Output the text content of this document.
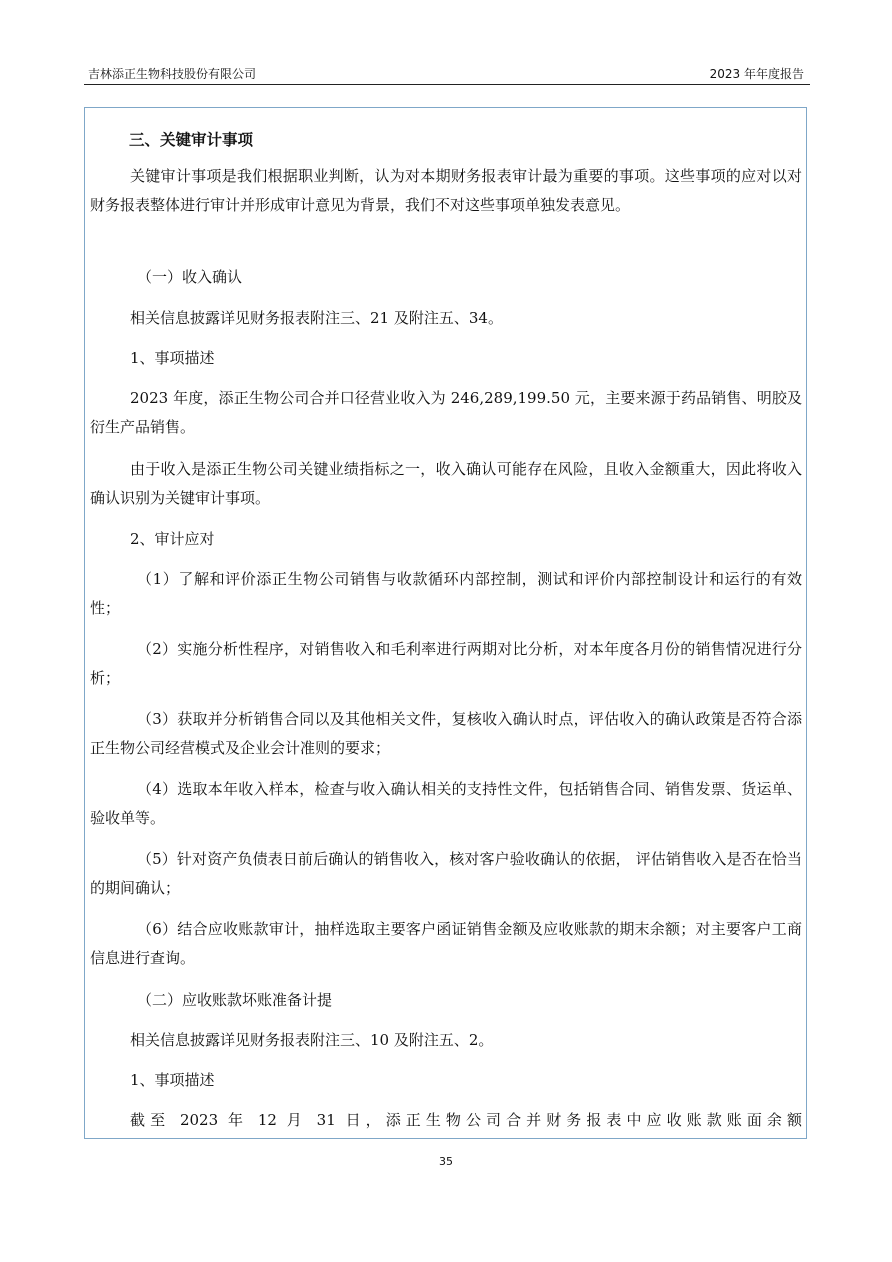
吉林添正生物科技股份有限公司	2023 年年度报告
三、关键审计事项
关键审计事项是我们根据职业判断，认为对本期财务报表审计最为重要的事项。这些事项的应对以对财务报表整体进行审计并形成审计意见为背景，我们不对这些事项单独发表意见。
（一）收入确认
相关信息披露详见财务报表附注三、21 及附注五、34。
1、事项描述
2023 年度，添正生物公司合并口径营业收入为 246,289,199.50 元，主要来源于药品销售、明胶及衍生产品销售。
由于收入是添正生物公司关键业绩指标之一，收入确认可能存在风险，且收入金额重大，因此将收入确认识别为关键审计事项。
2、审计应对
（1）了解和评价添正生物公司销售与收款循环内部控制，测试和评价内部控制设计和运行的有效性；
（2）实施分析性程序，对销售收入和毛利率进行两期对比分析，对本年度各月份的销售情况进行分析；
（3）获取并分析销售合同以及其他相关文件，复核收入确认时点，评估收入的确认政策是否符合添正生物公司经营模式及企业会计准则的要求；
（4）选取本年收入样本，检查与收入确认相关的支持性文件，包括销售合同、销售发票、货运单、验收单等。
（5）针对资产负债表日前后确认的销售收入，核对客户验收确认的依据， 评估销售收入是否在恰当的期间确认；
（6）结合应收账款审计，抽样选取主要客户函证销售金额及应收账款的期末余额；对主要客户工商信息进行查询。
（二）应收账款坏账准备计提
相关信息披露详见财务报表附注三、10 及附注五、2。
1、事项描述
截至 2023 年 12 月 31 日，添正生物公司合并财务报表中应收账款账面余额
35
